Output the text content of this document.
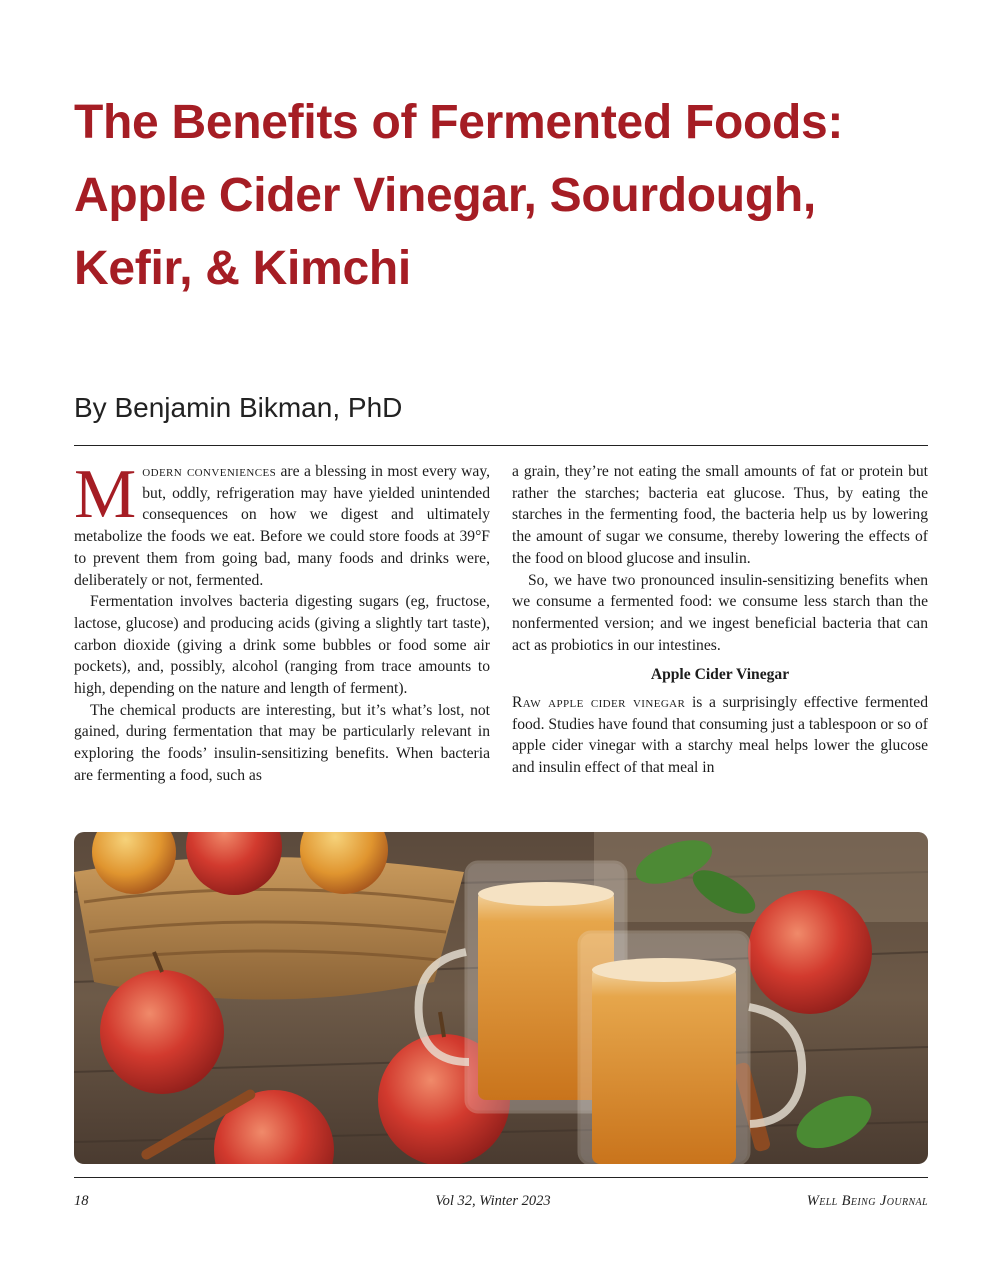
The Benefits of Fermented Foods:
Apple Cider Vinegar, Sourdough,
Kefir, & Kimchi
By Benjamin Bikman, PhD

Modern conveniences are a blessing in most every way, but, oddly, refrigeration may have yielded unintended consequences on how we digest and ultimately metabolize the foods we eat. Before we could store foods at 39°F to prevent them from going bad, many foods and drinks were, deliberately or not, fermented.

Fermentation involves bacteria digesting sugars (eg, fructose, lactose, glucose) and producing acids (giving a slightly tart taste), carbon dioxide (giving a drink some bubbles or food some air pockets), and, possibly, alcohol (ranging from trace amounts to high, depending on the nature and length of ferment).

The chemical products are interesting, but it’s what’s lost, not gained, during fermentation that may be particularly relevant in exploring the foods’ insulin-sensitizing benefits. When bacteria are fermenting a food, such as

a grain, they’re not eating the small amounts of fat or protein but rather the starches; bacteria eat glucose. Thus, by eating the starches in the fermenting food, the bacteria help us by lowering the amount of sugar we consume, thereby lowering the effects of the food on blood glucose and insulin.

So, we have two pronounced insulin-sensitizing benefits when we consume a fermented food: we consume less starch than the nonfermented version; and we ingest beneficial bacteria that can act as probiotics in our intestines.

Apple Cider Vinegar

Raw apple cider vinegar is a surprisingly effective fermented food. Studies have found that consuming just a tablespoon or so of apple cider vinegar with a starchy meal helps lower the glucose and insulin effect of that meal in

18	Vol 32, Winter 2023	Well Being Journal
